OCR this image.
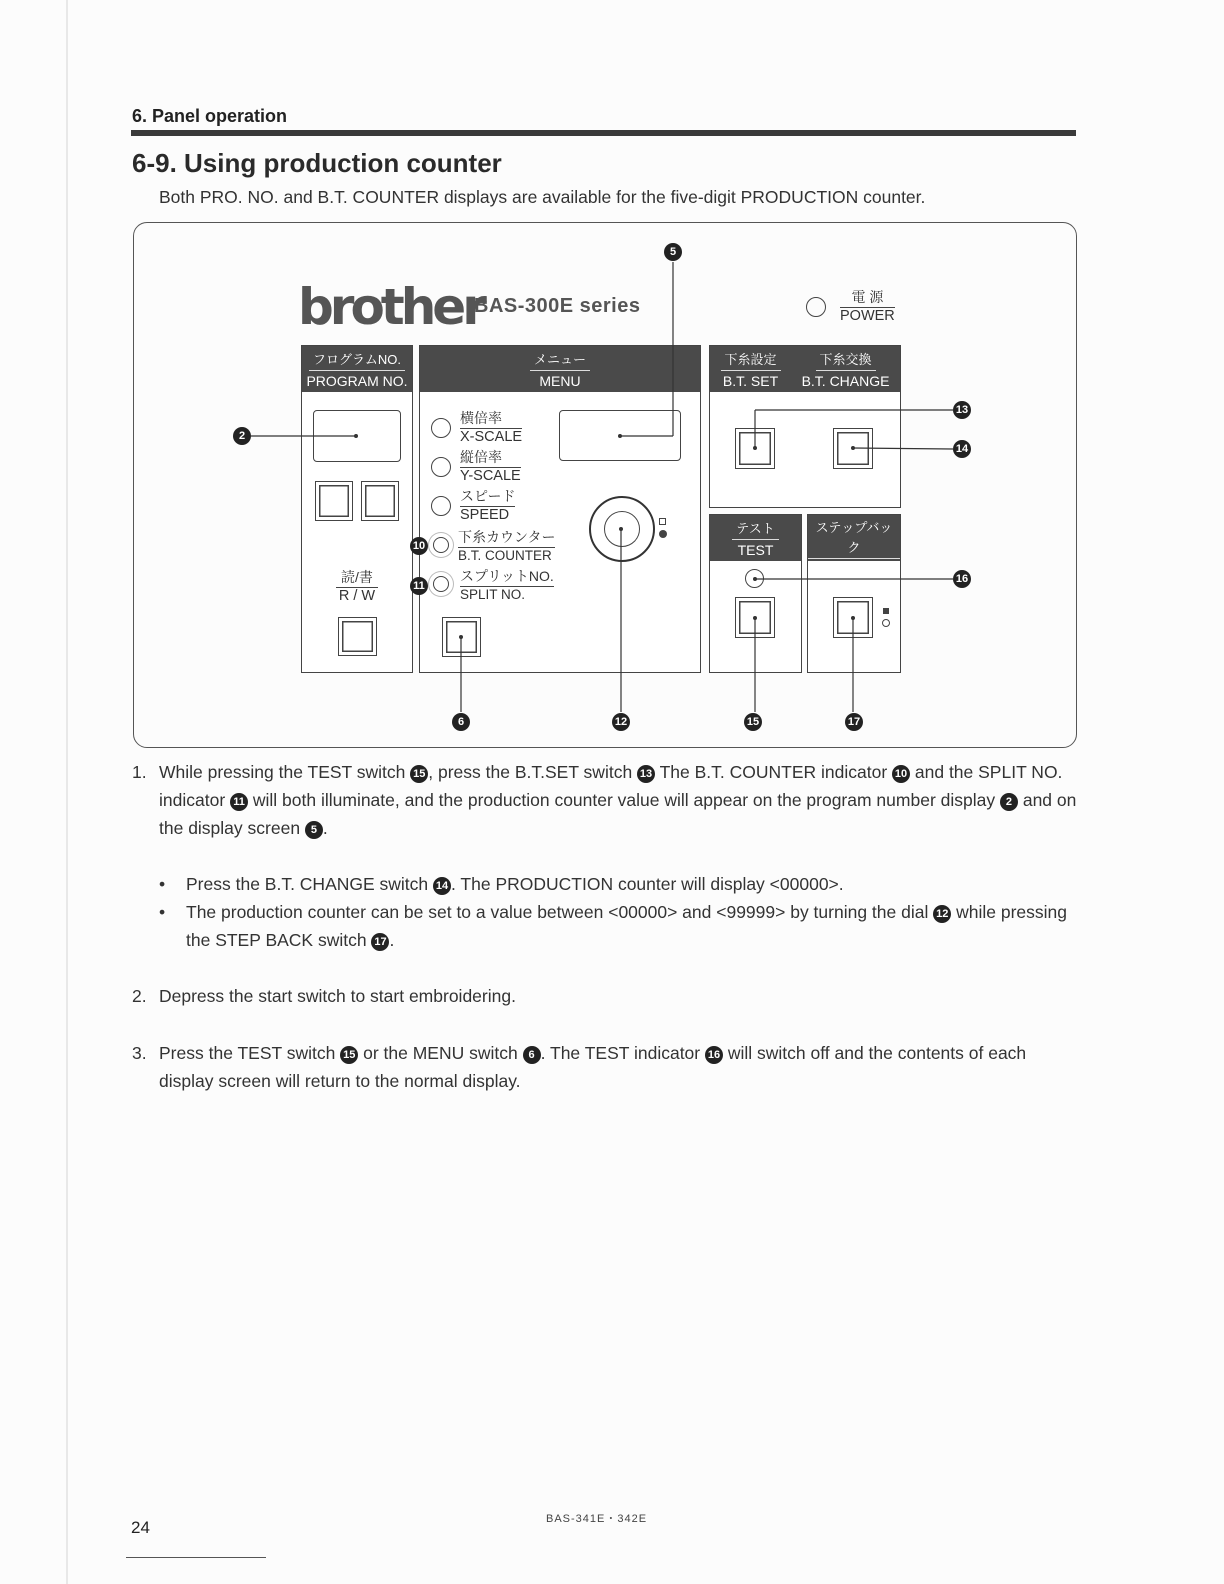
6. Panel operation
6-9. Using production counter
Both PRO. NO. and B.T. COUNTER displays are available for the five-digit PRODUCTION counter.
brother
BAS-300E series	電 源
POWER
フログラムNO.
PROGRAM NO.
読/書
R / W
メニュー
MENU
横倍率
X-SCALE
縦倍率
Y-SCALE
スピード
SPEED
下糸カウンター
B.T. COUNTER
スプリットNO.
SPLIT NO.
下糸設定
B.T. SET
下糸交換
B.T. CHANGE
テスト
TEST
ステップバック
STEP BACK
5
2
13
14
16
10
11
6	12	15	17
1. While pressing the TEST switch 15 , press the B.T.SET switch 13 The B.T. COUNTER indicator 10 and the SPLIT NO. indicator 11 will both illuminate, and the production counter value will appear on the program number display 2 and on the display screen 5 .
• Press the B.T. CHANGE switch 14 . The PRODUCTION counter will display <00000>.
• The production counter can be set to a value between <00000> and <99999> by turning the dial 12 while pressing the STEP BACK switch 17 .
2. Depress the start switch to start embroidering.
3. Press the TEST switch 15 or the MENU switch 6 . The TEST indicator 16 will switch off and the contents of each display screen will return to the normal display.
BAS-341E・342E
24
